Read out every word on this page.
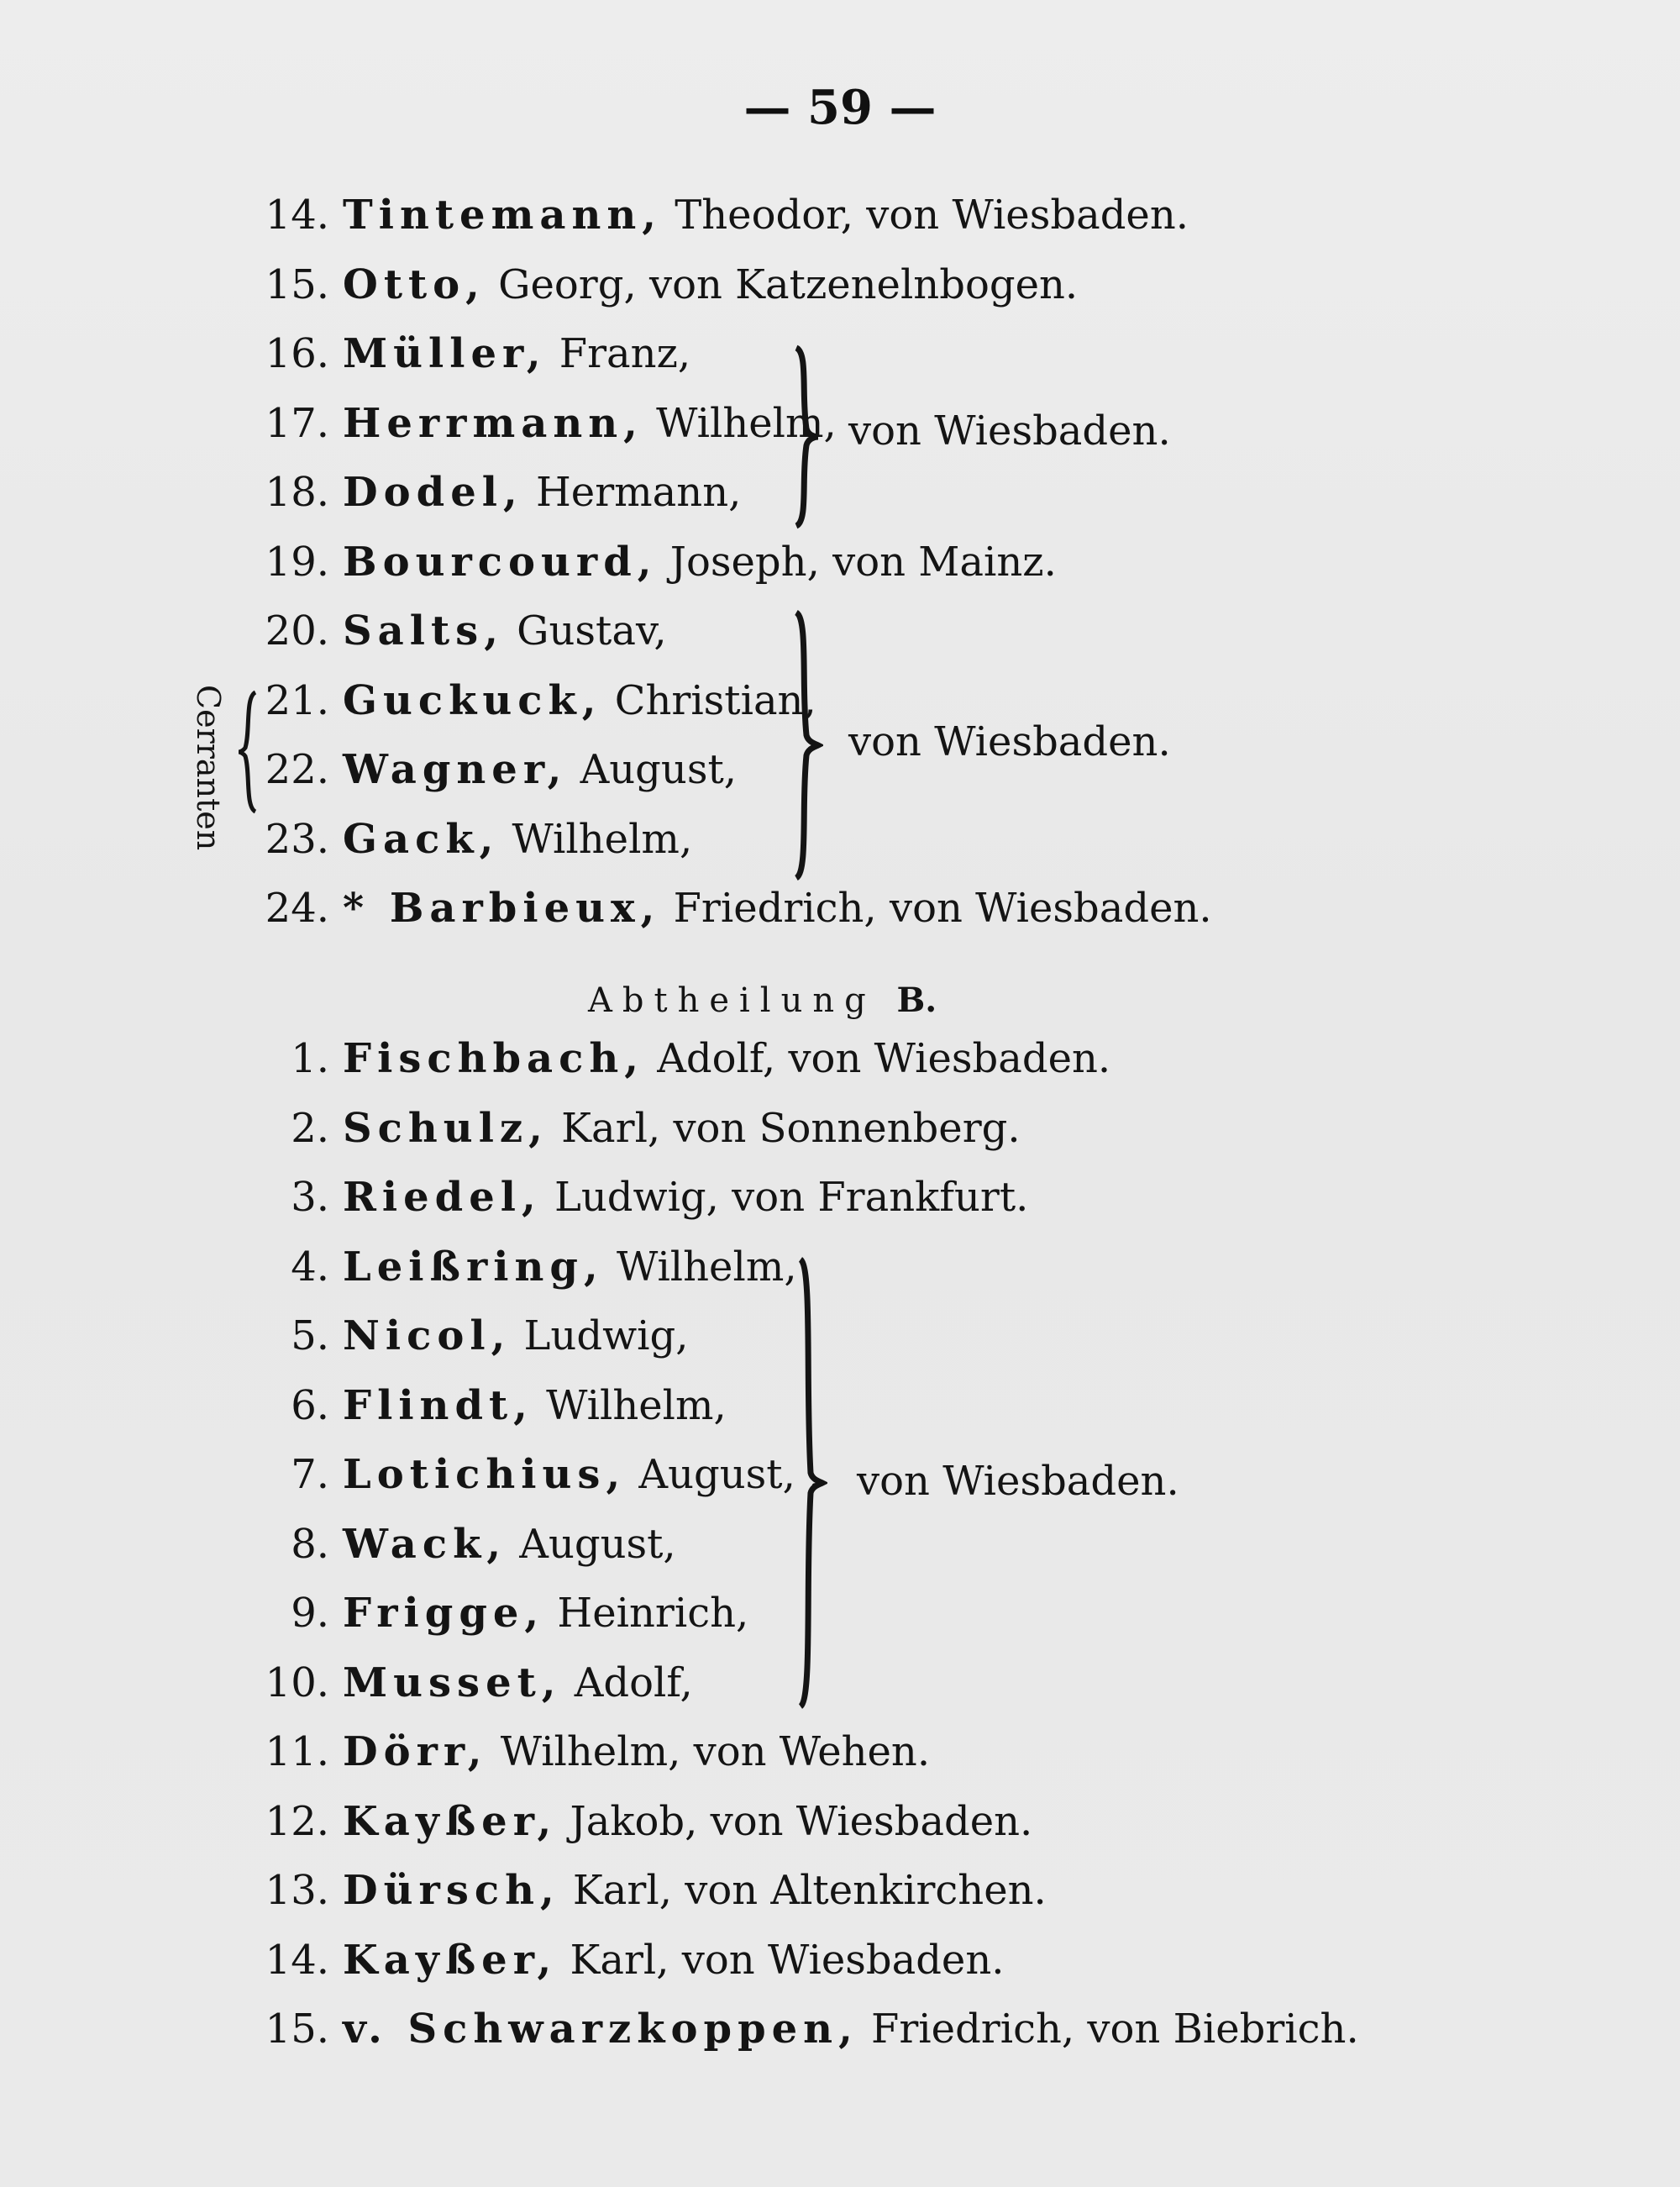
— 59 —
14. Tintemann, Theodor, von Wiesbaden.
15. Otto, Georg, von Katzenelnbogen.
16. Müller, Franz,
17. Herrmann, Wilhelm,
18. Dodel, Hermann,
19. Bourcourd, Joseph, von Mainz.
20. Salts, Gustav,
21. Guckuck, Christian,
22. Wagner, August,
23. Gack, Wilhelm,
24. * Barbieux, Friedrich, von Wiesbaden.
von Wiesbaden.
von Wiesbaden.
Cerranten
Abtheilung B.
1. Fischbach, Adolf, von Wiesbaden.
2. Schulz, Karl, von Sonnenberg.
3. Riedel, Ludwig, von Frankfurt.
4. Leißring, Wilhelm,
5. Nicol, Ludwig,
6. Flindt, Wilhelm,
7. Lotichius, August, .
8. Wack, August,
9. Frigge, Heinrich,
10. Musset, Adolf,
11. Dörr, Wilhelm, von Wehen.
12. Kayßer, Jakob, von Wiesbaden.
13. Dürsch, Karl, von Altenkirchen.
14. Kayßer, Karl, von Wiesbaden.
15. v. Schwarzkoppen, Friedrich, von Biebrich.
von Wiesbaden.
